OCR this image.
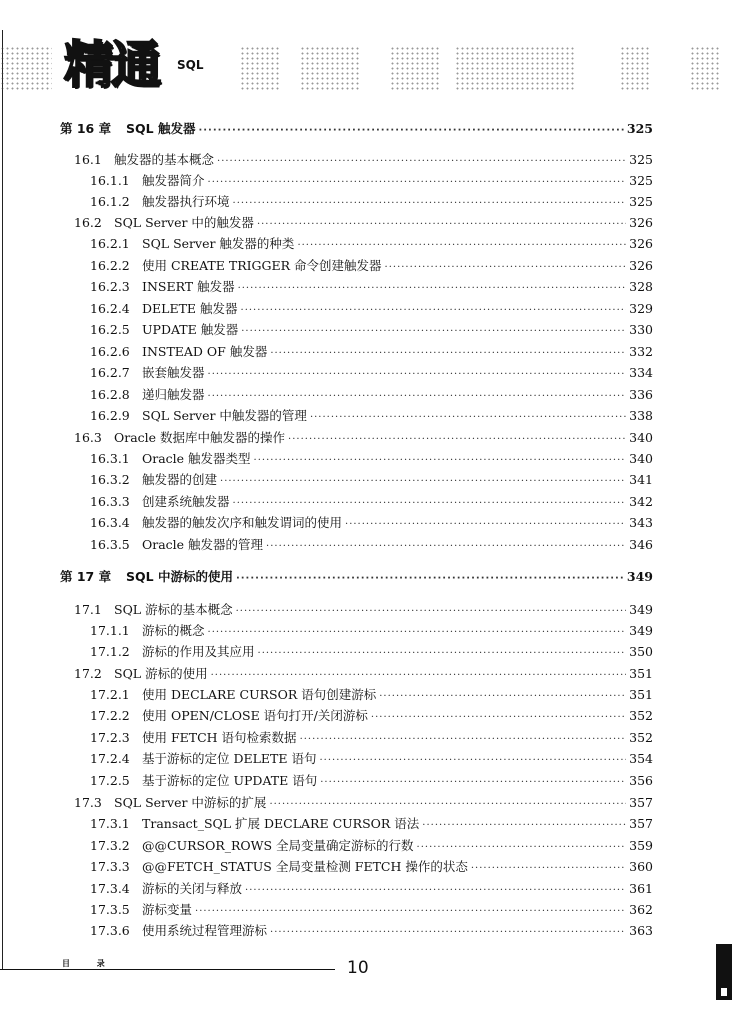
精通 SQL
第 16 章	SQL 触发器 ·····	325
16.1 触发器的基本概念 ·····	325
16.1.1 触发器简介 ·····	325
16.1.2 触发器执行环境 ·····	325
16.2 SQL Server 中的触发器 ·····	326
16.2.1 SQL Server 触发器的种类 ·····	326
16.2.2 使用 CREATE TRIGGER 命令创建触发器 ·····	326
16.2.3 INSERT 触发器 ·····	328
16.2.4 DELETE 触发器 ·····	329
16.2.5 UPDATE 触发器 ·····	330
16.2.6 INSTEAD OF 触发器 ·····	332
16.2.7 嵌套触发器 ·····	334
16.2.8 递归触发器 ·····	336
16.2.9 SQL Server 中触发器的管理 ·····	338
16.3 Oracle 数据库中触发器的操作 ·····	340
16.3.1 Oracle 触发器类型 ·····	340
16.3.2 触发器的创建 ·····	341
16.3.3 创建系统触发器 ·····	342
16.3.4 触发器的触发次序和触发谓词的使用 ·····	343
16.3.5 Oracle 触发器的管理 ·····	346
第 17 章	SQL 中游标的使用 ·····	349
17.1 SQL 游标的基本概念 ·····	349
17.1.1 游标的概念 ·····	349
17.1.2 游标的作用及其应用 ·····	350
17.2 SQL 游标的使用 ·····	351
17.2.1 使用 DECLARE CURSOR 语句创建游标 ·····	351
17.2.2 使用 OPEN/CLOSE 语句打开/关闭游标 ·····	352
17.2.3 使用 FETCH 语句检索数据 ·····	352
17.2.4 基于游标的定位 DELETE 语句 ·····	354
17.2.5 基于游标的定位 UPDATE 语句 ·····	356
17.3 SQL Server 中游标的扩展 ·····	357
17.3.1 Transact_SQL 扩展 DECLARE CURSOR 语法 ·····	357
17.3.2 @@CURSOR_ROWS 全局变量确定游标的行数 ·····	359
17.3.3 @@FETCH_STATUS 全局变量检测 FETCH 操作的状态 ·····	360
17.3.4 游标的关闭与释放 ·····	361
17.3.5 游标变量 ·····	362
17.3.6 使用系统过程管理游标 ·····	363
目 录	10
